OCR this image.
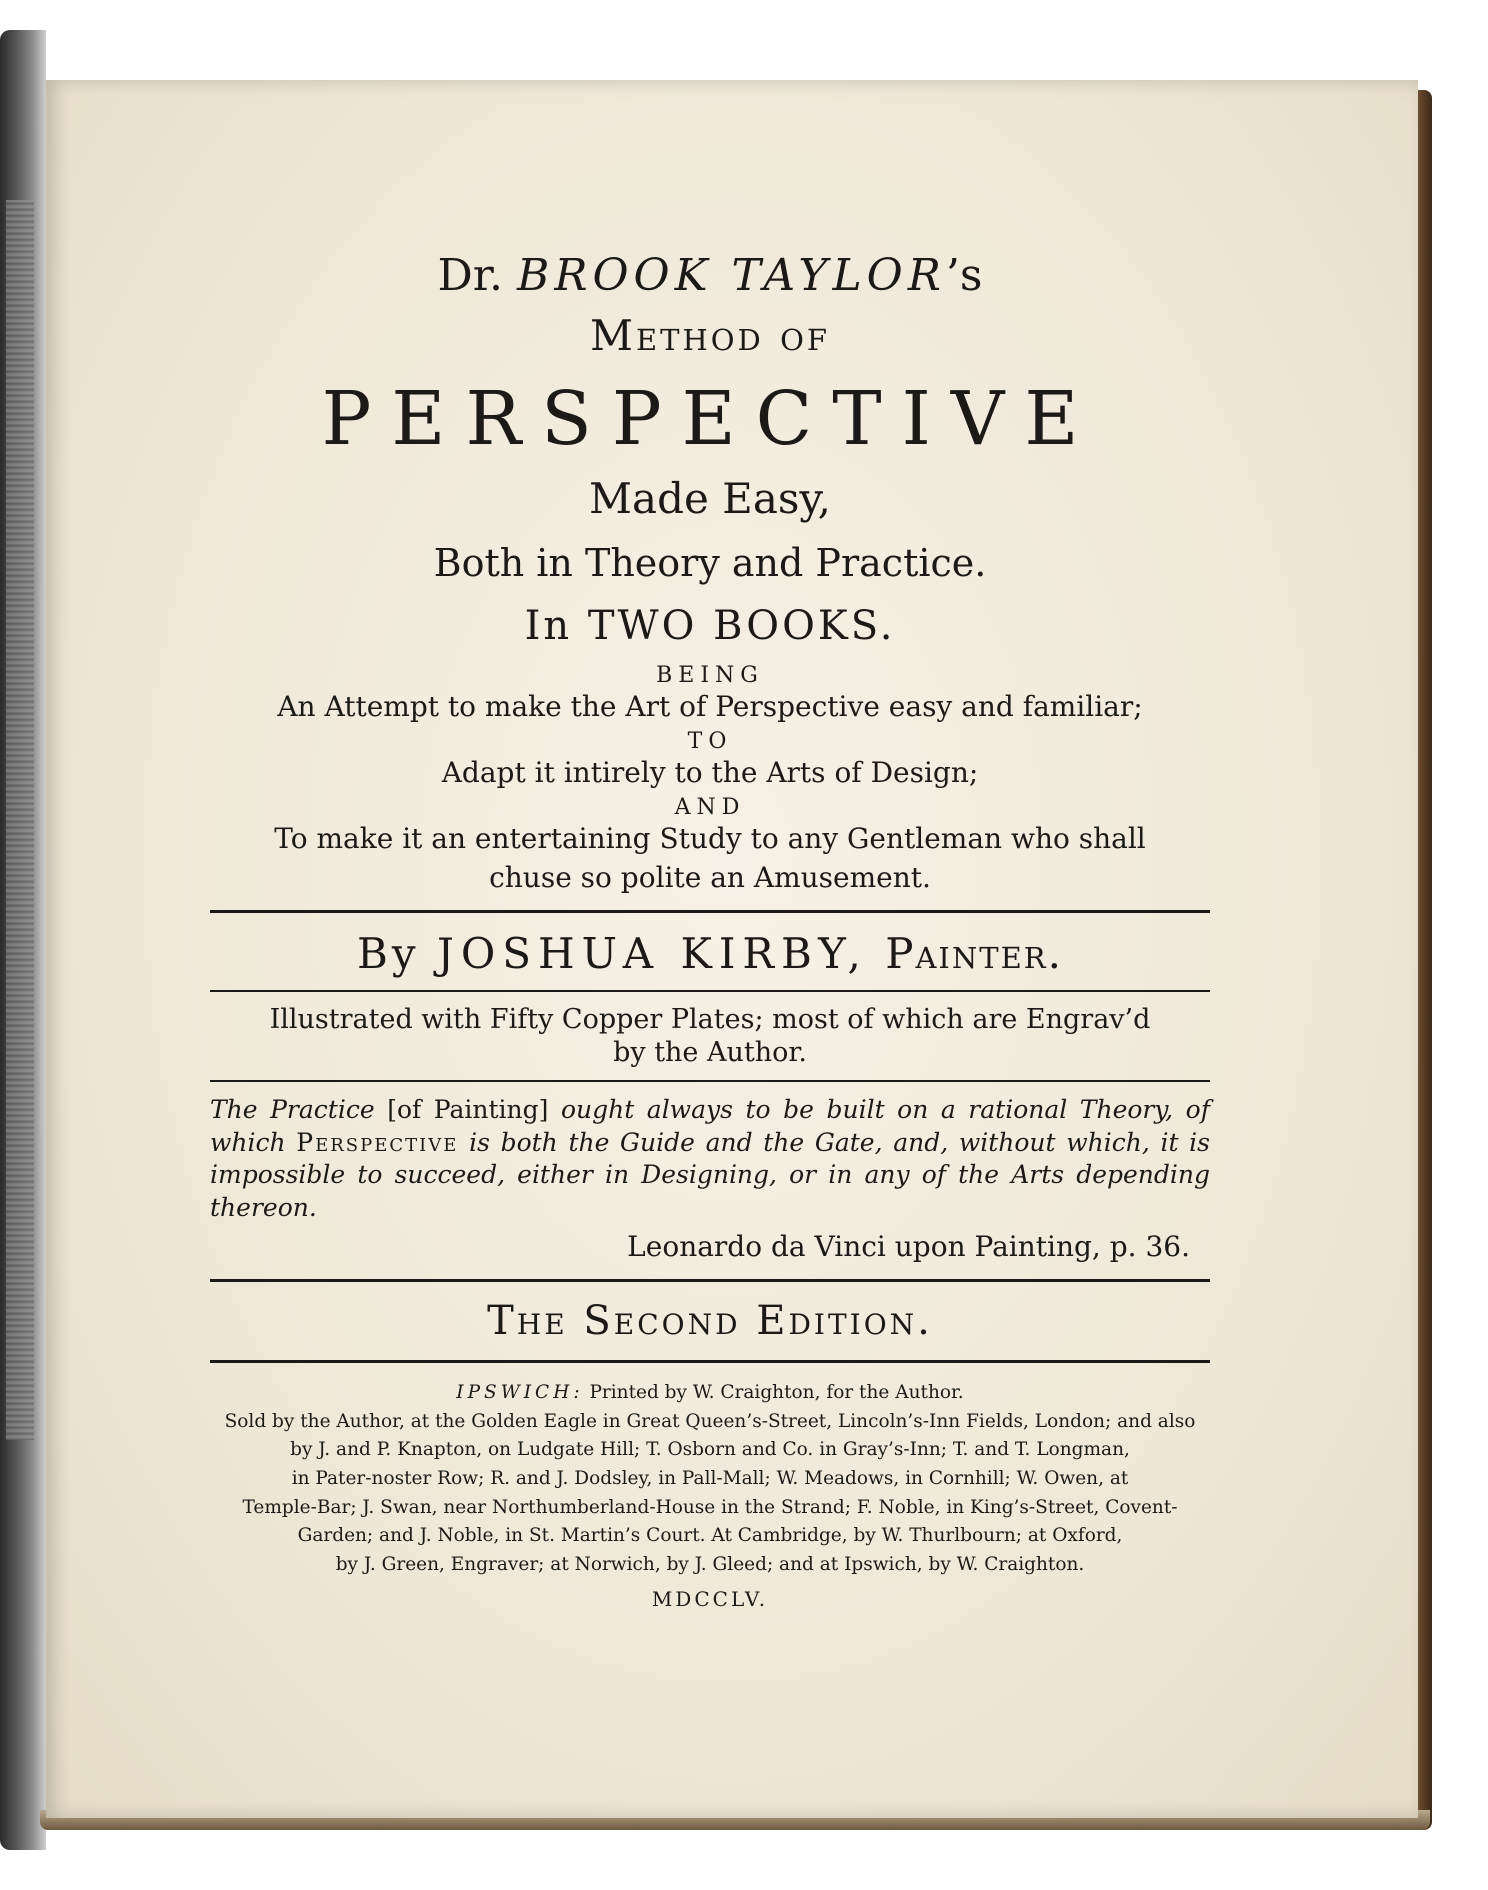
Dr. BROOK TAYLOR’s
Method of
PERSPECTIVE
Made Easy,
Both in Theory and Practice.
In TWO BOOKS.
BEING
An Attempt to make the Art of Perspective easy and familiar;
TO
Adapt it intirely to the Arts of Design;
AND
To make it an entertaining Study to any Gentleman who shall
chuse so polite an Amusement.
By JOSHUA KIRBY, Painter.
Illustrated with Fifty Copper Plates; most of which are Engrav’d
by the Author.
The Practice [of Painting] ought always to be built on a rational Theory, of which Perspective is both the Guide and the Gate, and, without which, it is impossible to succeed, either in Designing, or in any of the Arts depending thereon.
Leonardo da Vinci upon Painting, p. 36.
The Second Edition.
IPSWICH: Printed by W. Craighton, for the Author.
Sold by the Author, at the Golden Eagle in Great Queen’s-Street, Lincoln’s-Inn Fields, London; and also
by J. and P. Knapton, on Ludgate Hill; T. Osborn and Co. in Gray’s-Inn; T. and T. Longman,
in Pater-noster Row; R. and J. Dodsley, in Pall-Mall; W. Meadows, in Cornhill; W. Owen, at
Temple-Bar; J. Swan, near Northumberland-House in the Strand; F. Noble, in King’s-Street, Covent-
Garden; and J. Noble, in St. Martin’s Court. At Cambridge, by W. Thurlbourn; at Oxford,
by J. Green, Engraver; at Norwich, by J. Gleed; and at Ipswich, by W. Craighton.
MDCCLV.
